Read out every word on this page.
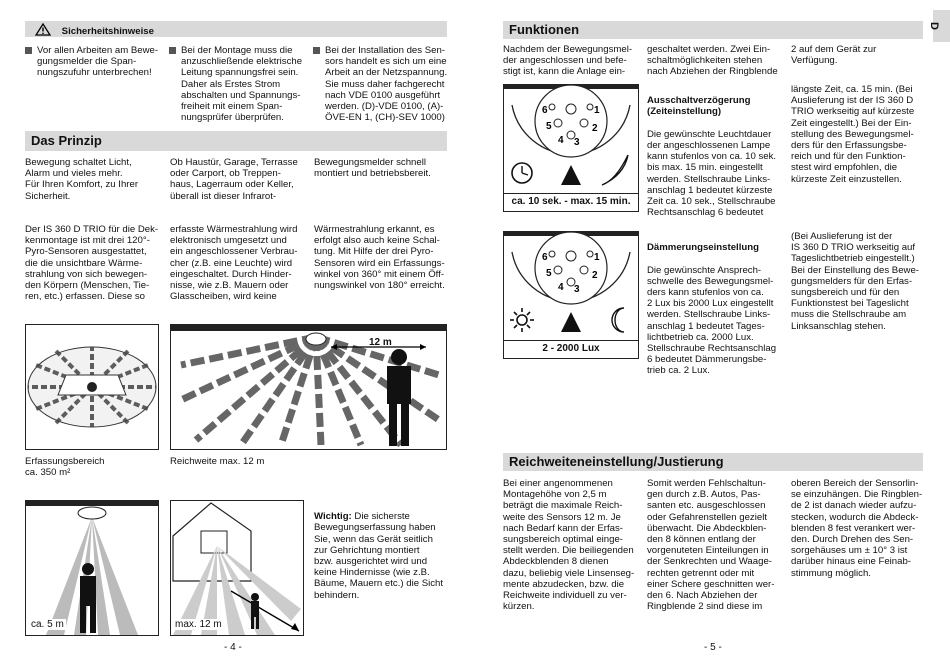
Sicherheitshinweise
Vor allen Arbeiten am Bewe-
gungsmelder die Span-
nungszufuhr unterbrechen!
Bei der Montage muss die
anzuschließende elektrische
Leitung spannungsfrei sein.
Daher als Erstes Strom
abschalten und Spannungs-
freiheit mit einem Span-
nungsprüfer überprüfen.
Bei der Installation des Sen-
sors handelt es sich um eine
Arbeit an der Netzspannung.
Sie muss daher fachgerecht
nach VDE 0100 ausgeführt
werden. (D)-VDE 0100, (A)-
ÖVE-EN 1, (CH)-SEV 1000)
Das Prinzip
Bewegung schaltet Licht,
Alarm und vieles mehr.
Für Ihren Komfort, zu Ihrer
Sicherheit.
Ob Haustür, Garage, Terrasse
oder Carport, ob Treppen-
haus, Lagerraum oder Keller,
überall ist dieser Infrarot-
Bewegungsmelder schnell
montiert und betriebsbereit.
Der IS 360 D TRIO für die Dek-
kenmontage ist mit drei 120°-
Pyro-Sensoren ausgestattet,
die die unsichtbare Wärme-
strahlung von sich bewegen-
den Körpern (Menschen, Tie-
ren, etc.) erfassen. Diese so
erfasste Wärmestrahlung wird
elektronisch umgesetzt und
ein angeschlossener Verbrau-
cher (z.B. eine Leuchte) wird
eingeschaltet. Durch Hinder-
nisse, wie z.B. Mauern oder
Glasscheiben, wird keine
Wärmestrahlung erkannt, es
erfolgt also auch keine Schal-
tung. Mit Hilfe der drei Pyro-
Sensoren wird ein Erfassungs-
winkel von 360° mit einem Öff-
nungswinkel von 180° erreicht.
Erfassungsbereich
ca. 350 m²
12 m
Reichweite max. 12 m
ca. 5 m	max. 12 m

Wichtig: Die sicherste
Bewegungserfassung haben
Sie, wenn das Gerät seitlich
zur Gehrichtung montiert
bzw. ausgerichtet wird und
keine Hindernisse (wie z.B.
Bäume, Mauern etc.) die Sicht
behindern.

- 4 -
D
Funktionen
Nachdem der Bewegungsmel-
der angeschlossen und befe-
stigt ist, kann die Anlage ein-
geschaltet werden. Zwei Ein-
schaltmöglichkeiten stehen
nach Abziehen der Ringblende
2 auf dem Gerät zur
Verfügung.
6
5
4 3
2
1
ca. 10 sek. - max. 15 min.

Ausschaltverzögerung
(Zeiteinstellung)

Die gewünschte Leuchtdauer
der angeschlossenen Lampe
kann stufenlos von ca. 10 sek.
bis max. 15 min. eingestellt
werden. Stellschraube Links-
anschlag 1 bedeutet kürzeste
Zeit ca. 10 sek., Stellschraube
Rechtsanschlag 6 bedeutet

längste Zeit, ca. 15 min. (Bei
Auslieferung ist der IS 360 D
TRIO werkseitig auf kürzeste
Zeit eingestellt.) Bei der Ein-
stellung des Bewegungsmel-
ders für den Erfassungsbe-
reich und für den Funktion-
stest wird empfohlen, die
kürzeste Zeit einzustellen.
6
5
4 3
2
1
2 - 2000 Lux

Dämmerungseinstellung

Die gewünschte Ansprech-
schwelle des Bewegungsmel-
ders kann stufenlos von ca.
2 Lux bis 2000 Lux eingestellt
werden. Stellschraube Links-
anschlag 1 bedeutet Tages-
lichtbetrieb ca. 2000 Lux.
Stellschraube Rechtsanschlag
6 bedeutet Dämmerungsbe-
trieb ca. 2 Lux.

(Bei Auslieferung ist der
IS 360 D TRIO werkseitig auf
Tageslichtbetrieb eingestellt.)
Bei der Einstellung des Bewe-
gungsmelders für den Erfas-
sungsbereich und für den
Funktionstest bei Tageslicht
muss die Stellschraube am
Linksanschlag stehen.
Reichweiteneinstellung/Justierung
Bei einer angenommenen
Montagehöhe von 2,5 m
beträgt die maximale Reich-
weite des Sensors 12 m. Je
nach Bedarf kann der Erfas-
sungsbereich optimal einge-
stellt werden. Die beiliegenden
Abdeckblenden 8 dienen
dazu, beliebig viele Linsenseg-
mente abzudecken, bzw. die
Reichweite individuell zu ver-
kürzen.
Somit werden Fehlschaltun-
gen durch z.B. Autos, Pas-
santen etc. ausgeschlossen
oder Gefahrenstellen gezielt
überwacht. Die Abdeckblen-
den 8 können entlang der
vorgenuteten Einteilungen in
der Senkrechten und Waage-
rechten getrennt oder mit
einer Schere geschnitten wer-
den 6. Nach Abziehen der
Ringblende 2 sind diese im
oberen Bereich der Sensorlin-
se einzuhängen. Die Ringblen-
de 2 ist danach wieder aufzu-
stecken, wodurch die Abdeck-
blenden 8 fest verankert wer-
den. Durch Drehen des Sen-
sorgehäuses um ± 10° 3 ist
darüber hinaus eine Feinab-
stimmung möglich.
- 5 -
